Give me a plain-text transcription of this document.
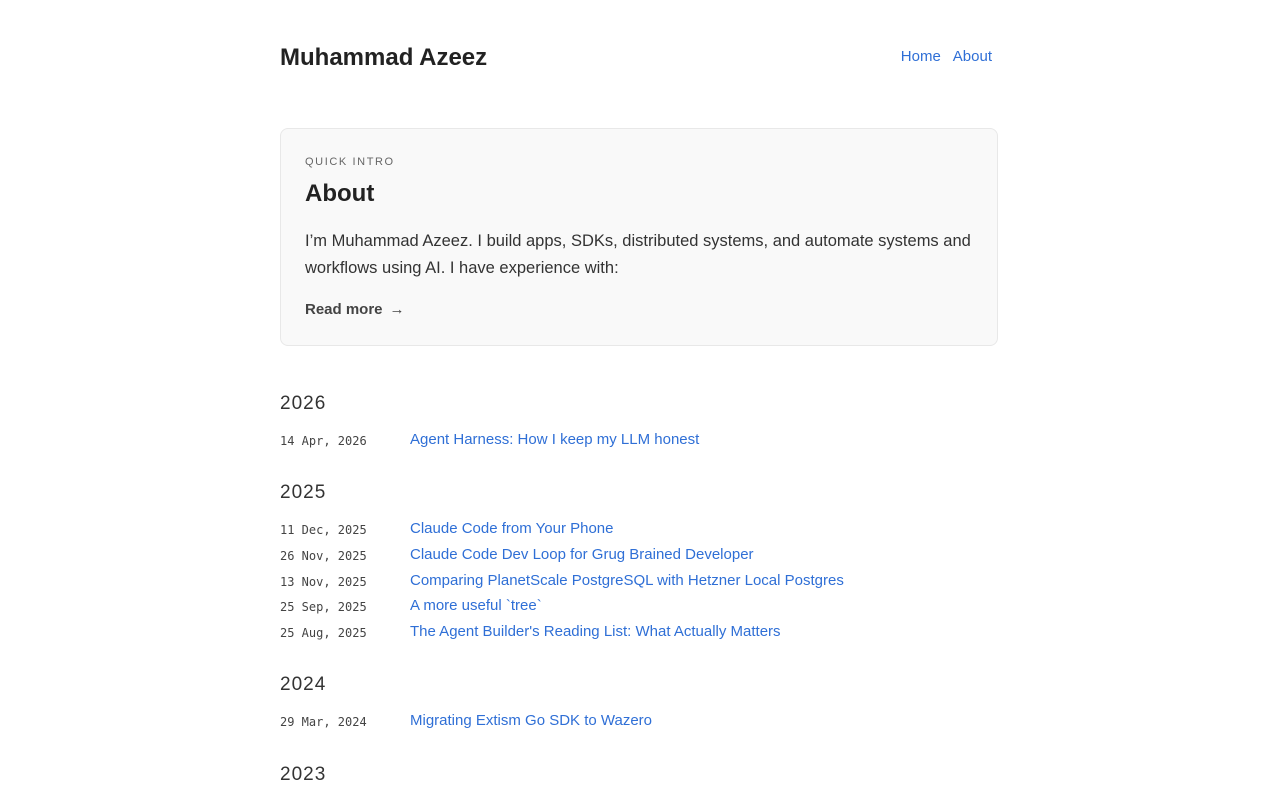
Muhammad Azeez	Home About
QUICK INTRO
About

I’m Muhammad Azeez. I build apps, SDKs, distributed systems, and automate systems and workflows using AI. I have experience with:

Read more →
2026
14 Apr, 2026	Agent Harness: How I keep my LLM honest
2025
11 Dec, 2025	Claude Code from Your Phone
26 Nov, 2025	Claude Code Dev Loop for Grug Brained Developer
13 Nov, 2025	Comparing PlanetScale PostgreSQL with Hetzner Local Postgres
25 Sep, 2025	A more useful `tree`
25 Aug, 2025	The Agent Builder's Reading List: What Actually Matters
2024
29 Mar, 2024	Migrating Extism Go SDK to Wazero
2023
